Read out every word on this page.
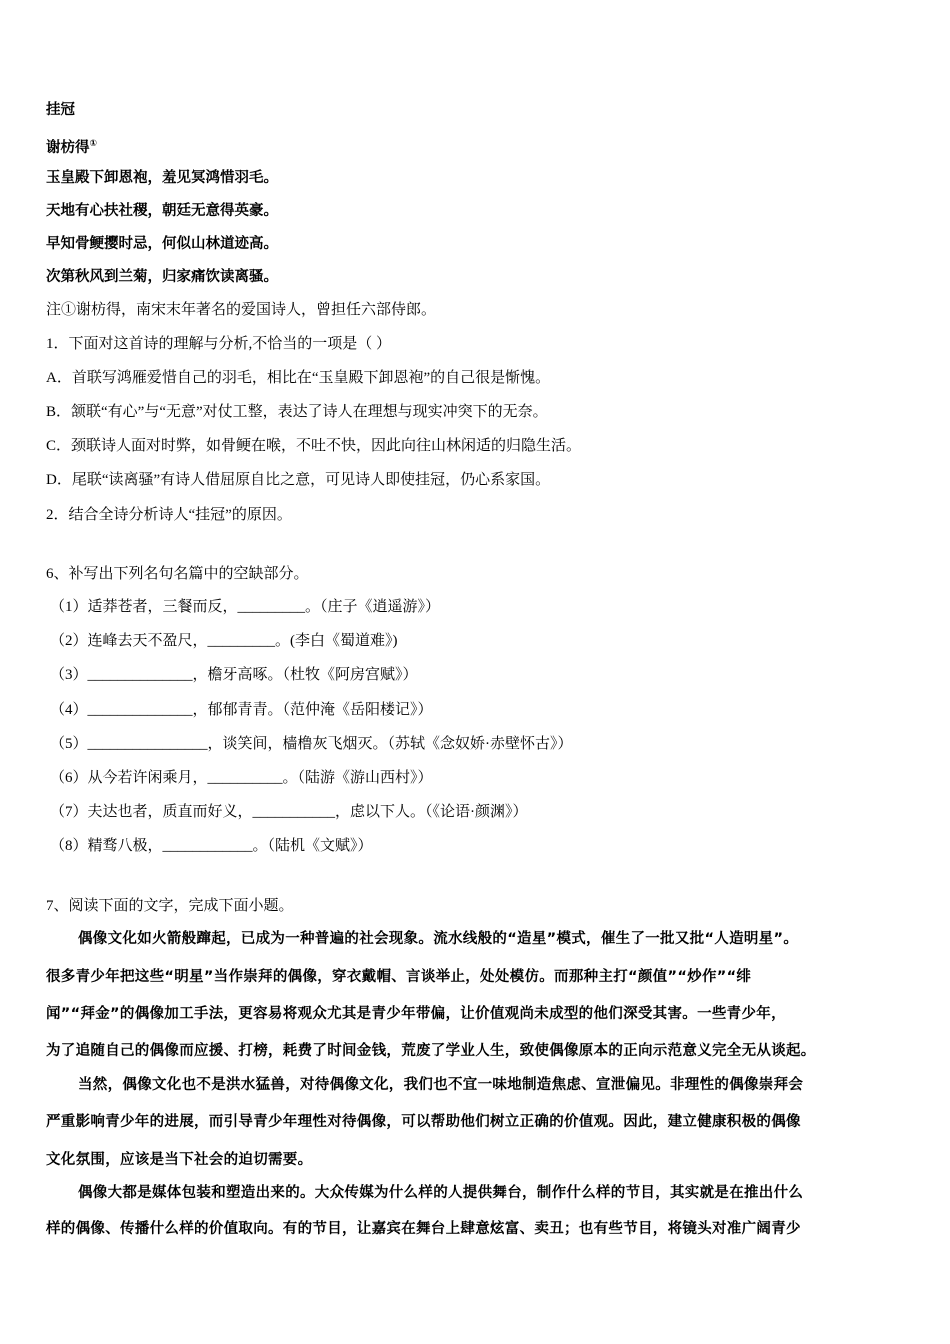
挂冠
谢枋得①
玉皇殿下卸恩袍，羞见冥鸿惜羽毛。
天地有心扶社稷，朝廷无意得英豪。
早知骨鲠撄时忌，何似山林道迹高。
次第秋风到兰菊，归家痛饮读离骚。
注①谢枋得，南宋末年著名的爱国诗人，曾担任六部侍郎。
1．下面对这首诗的理解与分析,不恰当的一项是（ ）
A．首联写鸿雁爱惜自己的羽毛，相比在“玉皇殿下卸恩袍”的自己很是惭愧。
B．颔联“有心”与“无意”对仗工整，表达了诗人在理想与现实冲突下的无奈。
C．颈联诗人面对时弊，如骨鲠在喉，不吐不快，因此向往山林闲适的归隐生活。
D．尾联“读离骚”有诗人借屈原自比之意，可见诗人即使挂冠，仍心系家国。
2．结合全诗分析诗人“挂冠”的原因。
6、补写出下列名句名篇中的空缺部分。
（1）适莽苍者，三餐而反，_________。（庄子《逍遥游》）
（2）连峰去天不盈尺，_________。(李白《蜀道难》)
（3）______________，檐牙高啄。（杜牧《阿房宫赋》）
（4）______________，郁郁青青。（范仲淹《岳阳楼记》）
（5）________________，谈笑间，樯橹灰飞烟灭。（苏轼《念奴娇·赤壁怀古》）
（6）从今若许闲乘月，__________。（陆游《游山西村》）
（7）夫达也者，质直而好义，___________，虑以下人。（《论语·颜渊》）
（8）精骛八极，____________。（陆机《文赋》）
7、阅读下面的文字，完成下面小题。
偶像文化如火箭般蹿起，已成为一种普遍的社会现象。流水线般的“造星”模式，催生了一批又批“人造明星”。
很多青少年把这些“明星”当作崇拜的偶像，穿衣戴帽、言谈举止，处处模仿。而那种主打“颜值”“炒作”“绯
闻”“拜金”的偶像加工手法，更容易将观众尤其是青少年带偏，让价值观尚未成型的他们深受其害。一些青少年，
为了追随自己的偶像而应援、打榜，耗费了时间金钱，荒废了学业人生，致使偶像原本的正向示范意义完全无从谈起。
当然，偶像文化也不是洪水猛兽，对待偶像文化，我们也不宜一味地制造焦虑、宣泄偏见。非理性的偶像崇拜会
严重影响青少年的进展，而引导青少年理性对待偶像，可以帮助他们树立正确的价值观。因此，建立健康积极的偶像
文化氛围，应该是当下社会的迫切需要。
偶像大都是媒体包装和塑造出来的。大众传媒为什么样的人提供舞台，制作什么样的节目，其实就是在推出什么
样的偶像、传播什么样的价值取向。有的节目，让嘉宾在舞台上肆意炫富、卖丑；也有些节目，将镜头对准广阔青少
